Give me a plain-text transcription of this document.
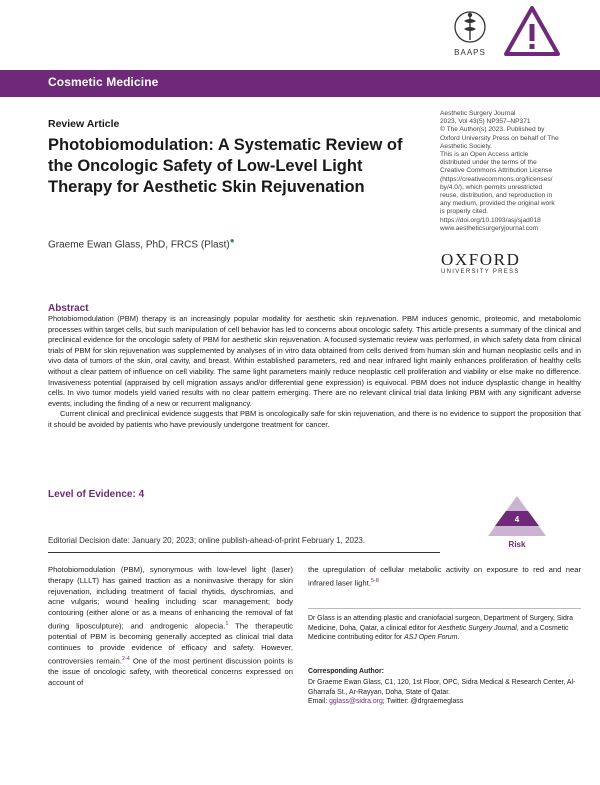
BAAPS
Cosmetic Medicine
Review Article
Photobiomodulation: A Systematic Review of the Oncologic Safety of Low-Level Light Therapy for Aesthetic Skin Rejuvenation
Graeme Ewan Glass, PhD, FRCS (Plast)●
Aesthetic Surgery Journal
2023, Vol 43(5) NP357–NP371
© The Author(s) 2023. Published by
Oxford University Press on behalf of The
Aesthetic Society.
This is an Open Access article
distributed under the terms of the
Creative Commons Attribution License
(https://creativecommons.org/licenses/
by/4.0/), which permits unrestricted
reuse, distribution, and reproduction in
any medium, provided the original work
is properly cited.
https://doi.org/10.1093/asj/sjad018
www.aestheticsurgeryjournal.com
OXFORD
UNIVERSITY PRESS
Abstract

Photobiomodulation (PBM) therapy is an increasingly popular modality for aesthetic skin rejuvenation. PBM induces genomic, proteomic, and metabolomic processes within target cells, but such manipulation of cell behavior has led to concerns about oncologic safety. This article presents a summary of the clinical and preclinical evidence for the oncologic safety of PBM for aesthetic skin rejuvenation. A focused systematic review was performed, in which safety data from clinical trials of PBM for skin rejuvenation was supplemented by analyses of in vitro data obtained from cells derived from human skin and human neoplastic cells and in vivo data of tumors of the skin, oral cavity, and breast. Within established parameters, red and near infrared light mainly enhances proliferation of healthy cells without a clear pattern of influence on cell viability. The same light parameters mainly reduce neoplastic cell proliferation and viability or else make no difference. Invasiveness potential (appraised by cell migration assays and/or differential gene expression) is equivocal. PBM does not induce dysplastic change in healthy cells. In vivo tumor models yield varied results with no clear pattern emerging. There are no relevant clinical trial data linking PBM with any significant adverse events, including the finding of a new or recurrent malignancy.

Current clinical and preclinical evidence suggests that PBM is oncologically safe for skin rejuvenation, and there is no evidence to support the proposition that it should be avoided by patients who have previously undergone treatment for cancer.

Level of Evidence: 4
4
Risk
Editorial Decision date: January 20, 2023; online publish-ahead-of-print February 1, 2023.
Photobiomodulation (PBM), synonymous with low-level light (laser) therapy (LLLT) has gained traction as a noninvasive therapy for skin rejuvenation, including treatment of facial rhytids, dyschromias, and acne vulgaris; wound healing including scar management; body contouring (either alone or as a means of enhancing the removal of fat during liposculpture); and androgenic alopecia.$^1$ The therapeutic potential of PBM is becoming generally accepted as clinical trial data continues to provide evidence of efficacy and safety. However, controversies remain.$^{2-4}$ One of the most pertinent discussion points is the issue of oncologic safety, with theoretical concerns expressed on account of
the upregulation of cellular metabolic activity on exposure to red and near infrared laser light.$^{5-8}$
Dr Glass is an attending plastic and craniofacial surgeon, Department of Surgery, Sidra Medicine, Doha, Qatar, a clinical editor for Aesthetic Surgery Journal, and a Cosmetic Medicine contributing editor for ASJ Open Forum.
Corresponding Author:
Dr Graeme Ewan Glass, C1, 120, 1st Floor, OPC, Sidra Medical & Research Center, Al-Gharrafa St., Ar-Rayyan, Doha, State of Qatar.
Email: gglass@sidra.org; Twitter: @drgraemeglass
